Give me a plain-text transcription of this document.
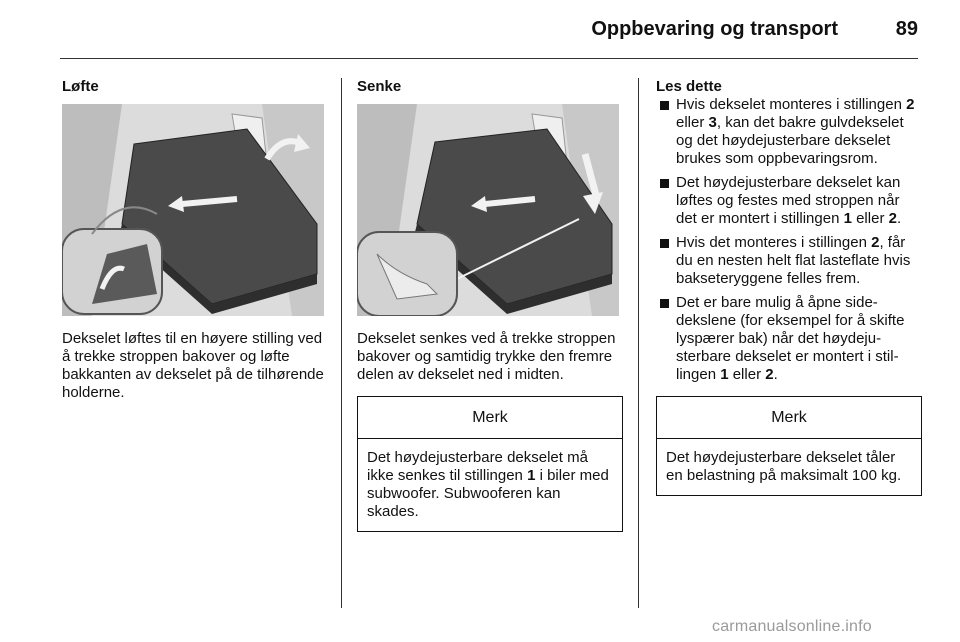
Oppbevaring og transport	89

Løfte

Dekselet løftes til en høyere stilling ved å trekke stroppen bakover og løfte bakkanten av dekselet på de tilhørende holderne.

Senke

Dekselet senkes ved å trekke stroppen bakover og samtidig trykke den fremre delen av dekselet ned i midten.

Merk
Det høydejusterbare dekselet må ikke senkes til stillingen 1 i biler med subwoofer. Subwooferen kan skades.

Les dette

Hvis dekselet monteres i stillingen 2 eller 3, kan det bakre gulvdekselet og det høydejusterbare dekselet brukes som oppbevaringsrom.
Det høydejusterbare dekselet kan løftes og festes med stroppen når det er montert i stillingen 1 eller 2.
Hvis det monteres i stillingen 2, får du en nesten helt flat lasteflate hvis bakseteryggene felles frem.
Det er bare mulig å åpne sidedekslene (for eksempel for å skifte lyspærer bak) når det høydejusterbare dekselet er montert i stillingen 1 eller 2.
Merk
Det høydejusterbare dekselet tåler en belastning på maksimalt 100 kg.
carmanualsonline.info
